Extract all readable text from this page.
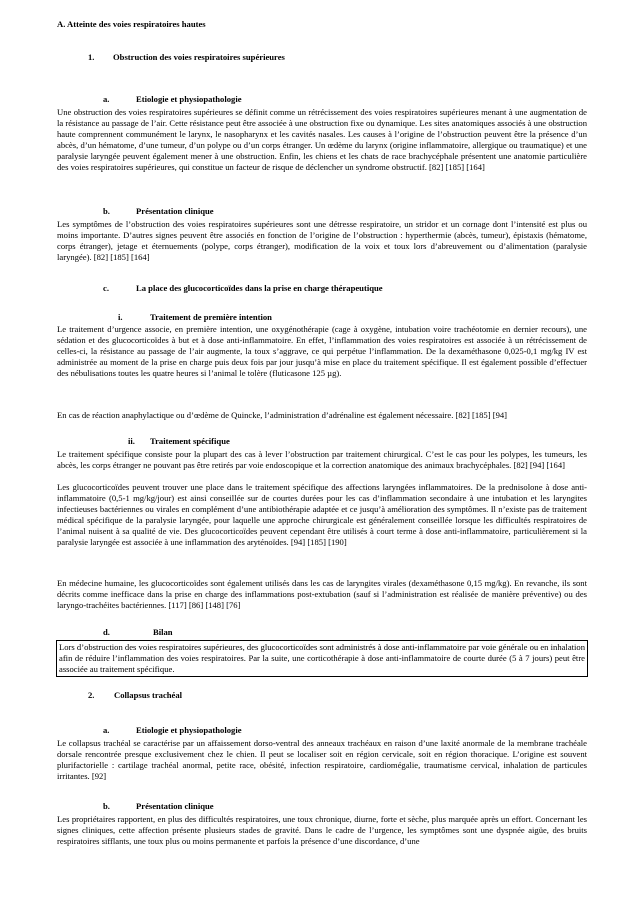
A. Atteinte des voies respiratoires hautes
1. Obstruction des voies respiratoires supérieures
a.	Etiologie et physiopathologie

Une obstruction des voies respiratoires supérieures se définit comme un rétrécissement des voies respiratoires supérieures menant à une augmentation de la résistance au passage de l’air. Cette résistance peut être associée à une obstruction fixe ou dynamique. Les sites anatomiques associés à une obstruction haute comprennent communément le larynx, le nasopharynx et les cavités nasales. Les causes à l’origine de l’obstruction peuvent être la présence d’un abcès, d’un hématome, d’une tumeur, d’un polype ou d’un corps étranger. Un œdème du larynx (origine inflammatoire, allergique ou traumatique) et une paralysie laryngée peuvent également mener à une obstruction. Enfin, les chiens et les chats de race brachycéphale présentent une anatomie particulière des voies respiratoires supérieures, qui constitue un facteur de risque de déclencher un syndrome obstructif. [82] [185] [164]

b.	Présentation clinique

Les symptômes de l’obstruction des voies respiratoires supérieures sont une détresse respiratoire, un stridor et un cornage dont l’intensité est plus ou moins importante. D’autres signes peuvent être associés en fonction de l’origine de l’obstruction : hyperthermie (abcès, tumeur), épistaxis (hématome, corps étranger), jetage et éternuements (polype, corps étranger), modification de la voix et toux lors d’abreuvement ou d’alimentation (paralysie laryngée). [82] [185] [164]

c.	La place des glucocorticoïdes dans la prise en charge thérapeutique
i.	Traitement de première intention

Le traitement d’urgence associe, en première intention, une oxygénothérapie (cage à oxygène, intubation voire trachéotomie en dernier recours), une sédation et des glucocorticoïdes à but et à dose anti-inflammatoire. En effet, l’inflammation des voies respiratoires est associée à un rétrécissement de celles-ci, la résistance au passage de l’air augmente, la toux s’aggrave, ce qui perpétue l’inflammation. De la dexaméthasone 0,025-0,1 mg/kg IV est administrée au moment de la prise en charge puis deux fois par jour jusqu’à mise en place du traitement spécifique. Il est également possible d’effectuer des nébulisations toutes les quatre heures si l’animal le tolère (fluticasone 125 µg).

En cas de réaction anaphylactique ou d’œdème de Quincke, l’administration d’adrénaline est également nécessaire. [82] [185] [94]

ii. Traitement spécifique

Le traitement spécifique consiste pour la plupart des cas à lever l’obstruction par traitement chirurgical. C’est le cas pour les polypes, les tumeurs, les abcès, les corps étranger ne pouvant pas être retirés par voie endoscopique et la correction anatomique des animaux brachycéphales. [82] [94] [164]

Les glucocorticoïdes peuvent trouver une place dans le traitement spécifique des affections laryngées inflammatoires. De la prednisolone à dose anti-inflammatoire (0,5-1 mg/kg/jour) est ainsi conseillée sur de courtes durées pour les cas d’inflammation secondaire à une intubation et les laryngites infectieuses bactériennes ou virales en complément d’une antibiothérapie adaptée et ce jusqu’à amélioration des symptômes. Il n’existe pas de traitement médical spécifique de la paralysie laryngée, pour laquelle une approche chirurgicale est généralement conseillée lorsque les difficultés respiratoires de l’animal nuisent à sa qualité de vie. Des glucocorticoïdes peuvent cependant être utilisés à court terme à dose anti-inflammatoire, particulièrement si la paralysie laryngée est associée à une inflammation des aryténoïdes. [94] [185] [190]

En médecine humaine, les glucocorticoïdes sont également utilisés dans les cas de laryngites virales (dexaméthasone 0,15 mg/kg). En revanche, ils sont décrits comme inefficace dans la prise en charge des inflammations post-extubation (sauf si l’administration est réalisée de manière préventive) ou des laryngo-trachéites bactériennes. [117] [86] [148] [76]

d.	Bilan

Lors d’obstruction des voies respiratoires supérieures, des glucocorticoïdes sont administrés à dose anti-inflammatoire par voie générale ou en inhalation afin de réduire l’inflammation des voies respiratoires. Par la suite, une corticothérapie à dose anti-inflammatoire de courte durée (5 à 7 jours) peut être associée au traitement spécifique.

2. Collapsus trachéal
a.	Etiologie et physiopathologie

Le collapsus trachéal se caractérise par un affaissement dorso-ventral des anneaux trachéaux en raison d’une laxité anormale de la membrane trachéale dorsale rencontrée presque exclusivement chez le chien. Il peut se localiser soit en région cervicale, soit en région thoracique. L’origine est souvent plurifactorielle : cartilage trachéal anormal, petite race, obésité, infection respiratoire, cardiomégalie, traumatisme cervical, inhalation de particules irritantes. [92]

b.	Présentation clinique

Les propriétaires rapportent, en plus des difficultés respiratoires, une toux chronique, diurne, forte et sèche, plus marquée après un effort. Concernant les signes cliniques, cette affection présente plusieurs stades de gravité. Dans le cadre de l’urgence, les symptômes sont une dyspnée aigüe, des bruits respiratoires sifflants, une toux plus ou moins permanente et parfois la présence d’une discordance, d’une
